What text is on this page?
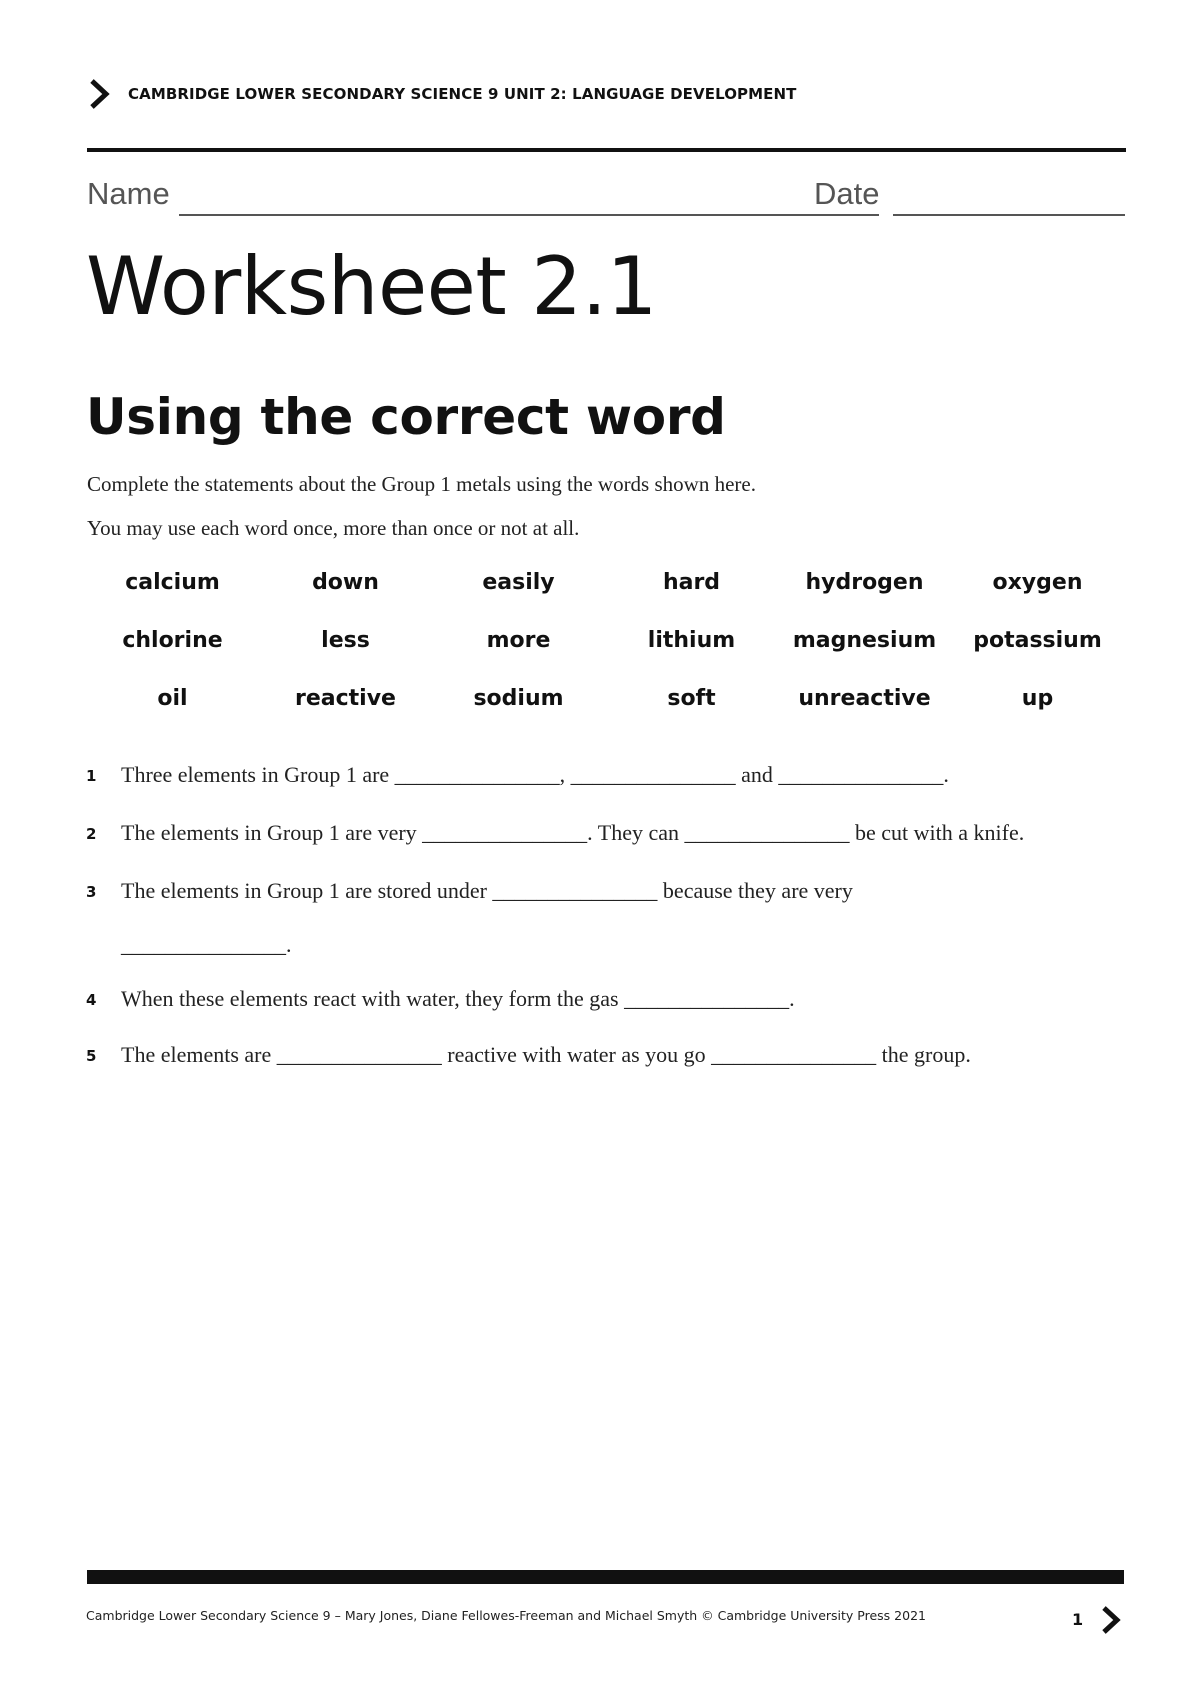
CAMBRIDGE LOWER SECONDARY SCIENCE 9 UNIT 2: LANGUAGE DEVELOPMENT
Name	Date
Worksheet 2.1
Using the correct word

Complete the statements about the Group 1 metals using the words shown here.

You may use each word once, more than once or not at all.

calcium	down	easily	hard	hydrogen	oxygen
chlorine	less	more	lithium	magnesium	potassium
oil	reactive	sodium	soft	unreactive	up
1 Three elements in Group 1 are _______________, _______________ and _______________.
2 The elements in Group 1 are very _______________. They can _______________ be cut with a knife.
3 The elements in Group 1 are stored under _______________ because they are very
_______________.
4 When these elements react with water, they form the gas _______________.
5 The elements are _______________ reactive with water as you go _______________ the group.
Cambridge Lower Secondary Science 9 – Mary Jones, Diane Fellowes-Freeman and Michael Smyth © Cambridge University Press 2021	1
